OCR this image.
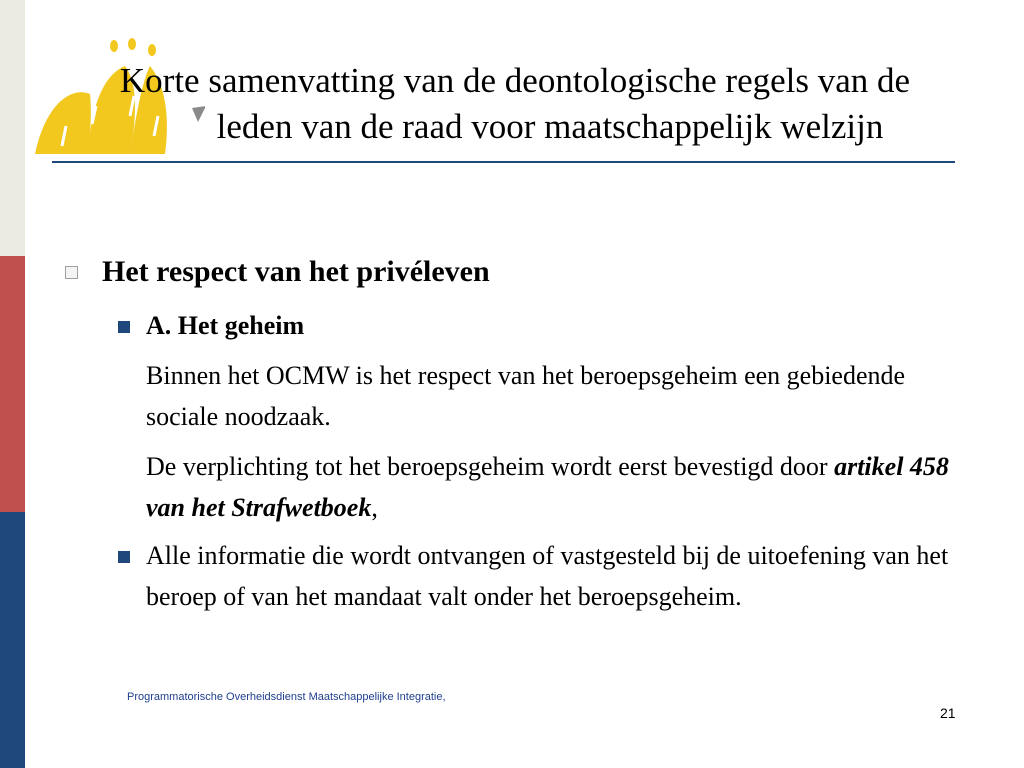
Korte samenvatting van de deontologische regels van de
leden van de raad voor maatschappelijk welzijn
Het respect van het privéleven
A. Het geheim
Binnen het OCMW is het respect van het beroepsgeheim een gebiedende sociale noodzaak.
De verplichting tot het beroepsgeheim wordt eerst bevestigd door artikel 458 van het Strafwetboek,
Alle informatie die wordt ontvangen of vastgesteld bij de uitoefening van het beroep of van het mandaat valt onder het beroepsgeheim.
Programmatorische Overheidsdienst Maatschappelijke Integratie,
21
